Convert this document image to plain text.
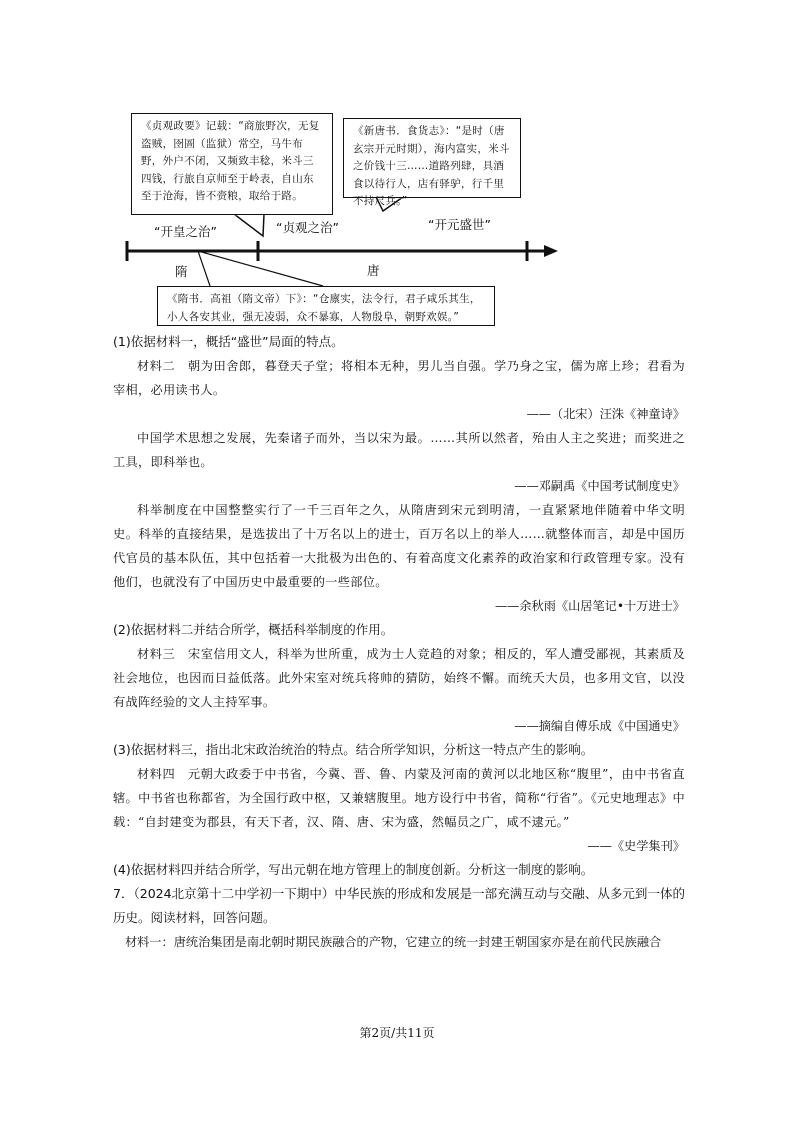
《贞观政要》记载：“商旅野次，无复盗贼，囹圄（监狱）常空，马牛布野，外户不闭，又频致丰稔，米斗三四钱，行旅自京师至于岭表，自山东至于沧海，皆不赍粮，取给于路。
《新唐书．食货志》：“是时（唐玄宗开元时期），海内富实，米斗之价钱十三……道路列肆，具酒食以待行人，店有驿驴，行千里不持尺兵。”
《隋书．高祖（隋文帝）下》：“仓廪实，法令行，君子咸乐其生，小人各安其业，强无凌弱，众不暴寡，人物殷阜，朝野欢娱。”
“开皇之治”	“贞观之治”	“开元盛世”
隋	唐
(1)依据材料一，概括“盛世”局面的特点。
材料二　朝为田舍郎，暮登天子堂；将相本无种，男儿当自强。学乃身之宝，儒为席上珍；君看为宰相，必用读书人。
——（北宋）汪洙《神童诗》
中国学术思想之发展，先秦诸子而外，当以宋为最。……其所以然者，殆由人主之奖进；而奖进之工具，即科举也。
——邓嗣禹《中国考试制度史》
科举制度在中国整整实行了一千三百年之久，从隋唐到宋元到明清，一直紧紧地伴随着中华文明史。科举的直接结果，是选拔出了十万名以上的进士，百万名以上的举人……就整体而言，却是中国历代官员的基本队伍，其中包括着一大批极为出色的、有着高度文化素养的政治家和行政管理专家。没有他们，也就没有了中国历史中最重要的一些部位。
——余秋雨《山居笔记•十万进士》
(2)依据材料二并结合所学，概括科举制度的作用。
材料三　宋室信用文人，科举为世所重，成为士人竞趋的对象；相反的，军人遭受鄙视，其素质及社会地位，也因而日益低落。此外宋室对统兵将帅的猜防，始终不懈。而统夭大员，也多用文官，以没有战阵经验的文人主持军事。
——摘编自傅乐成《中国通史》
(3)依据材料三，指出北宋政治统治的特点。结合所学知识，分析这一特点产生的影响。
材料四　元朝大政委于中书省，今冀、晋、鲁、内蒙及河南的黄河以北地区称“腹里”，由中书省直辖。中书省也称都省，为全国行政中枢，又兼辖腹里。地方设行中书省，简称“行省”。《元史地理志》中载：“自封建变为郡县，有天下者，汉、隋、唐、宋为盛，然幅员之广，咸不逮元。”
——《史学集刊》
(4)依据材料四并结合所学，写出元朝在地方管理上的制度创新。分析这一制度的影响。
7．（2024北京第十二中学初一下期中）中华民族的形成和发展是一部充满互动与交融、从多元到一体的历史。阅读材料，回答问题。
材料一：唐统治集团是南北朝时期民族融合的产物，它建立的统一封建王朝国家亦是在前代民族融合
第2页/共11页
